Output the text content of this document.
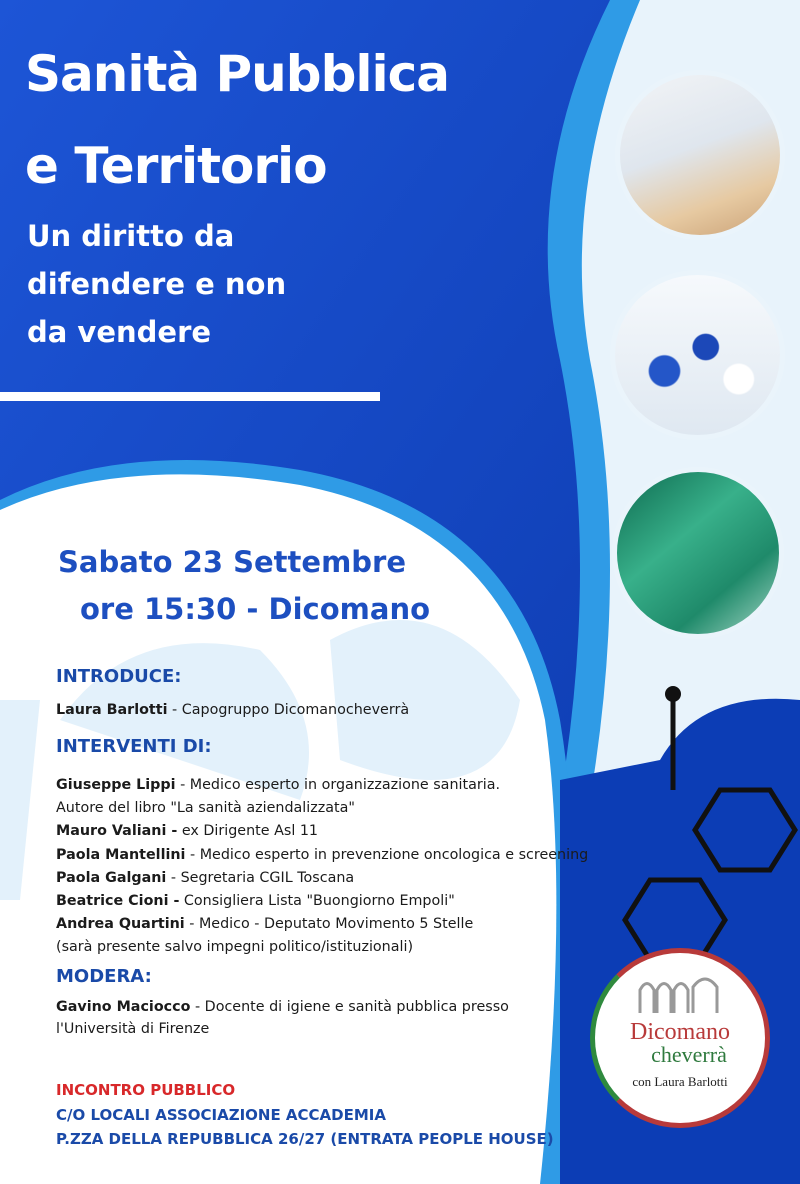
Sanità Pubblica
e Territorio
Un diritto da
difendere e non
da vendere
Sabato 23 Settembre
ore 15:30 - Dicomano
INTRODUCE:
Laura Barlotti - Capogruppo Dicomanocheverrà
INTERVENTI DI:
Giuseppe Lippi - Medico esperto in organizzazione sanitaria.
Autore del libro "La sanità aziendalizzata"
Mauro Valiani - ex Dirigente Asl 11
Paola Mantellini - Medico esperto in prevenzione oncologica e screening
Paola Galgani - Segretaria CGIL Toscana
Beatrice Cioni - Consigliera Lista "Buongiorno Empoli"
Andrea Quartini - Medico - Deputato Movimento 5 Stelle
(sarà presente salvo impegni politico/istituzionali)
MODERA:
Gavino Maciocco - Docente di igiene e sanità pubblica presso
l'Università di Firenze
INCONTRO PUBBLICO
C/O LOCALI ASSOCIAZIONE ACCADEMIA
P.ZZA DELLA REPUBBLICA 26/27 (ENTRATA PEOPLE HOUSE)
Dicomano
cheverrà
con Laura Barlotti
